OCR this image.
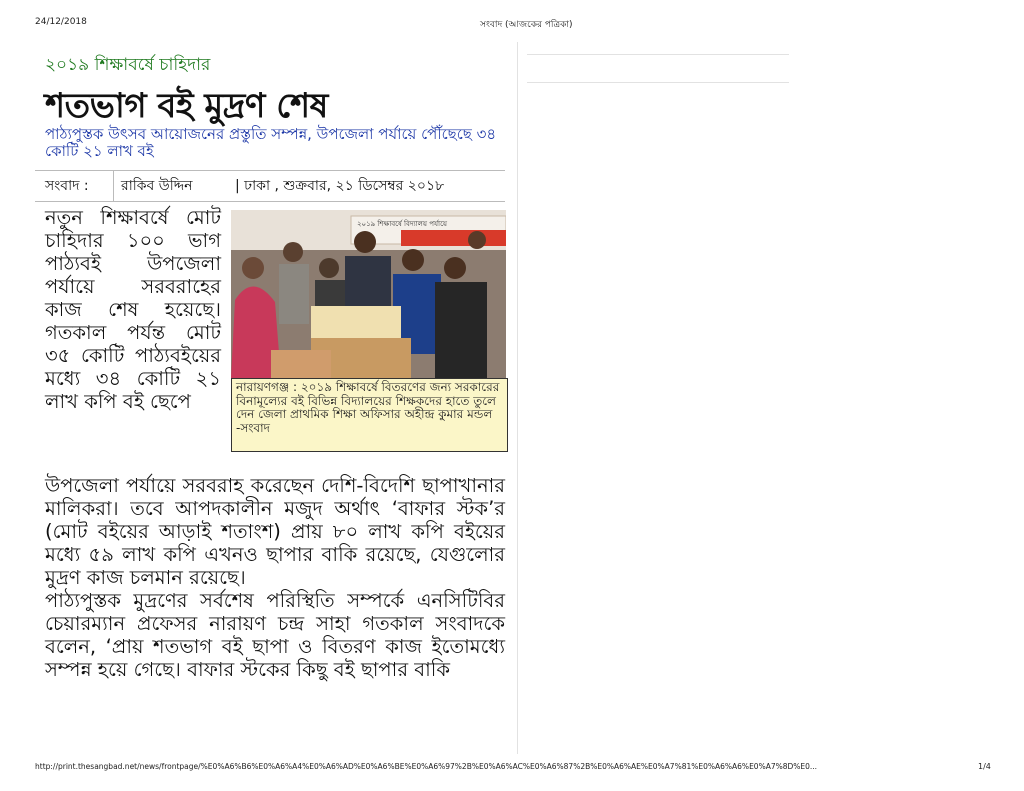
24/12/2018	সংবাদ (আজকের পত্রিকা)
২০১৯ শিক্ষাবর্ষে চাহিদার
শতভাগ বই মুদ্রণ শেষ
পাঠ্যপুস্তক উৎসব আয়োজনের প্রস্তুতি সম্পন্ন, উপজেলা পর্যায়ে পৌঁছেছে ৩৪ কোটি ২১ লাখ বই
সংবাদ : রাকিব উদ্দিন	| ঢাকা , শুক্রবার, ২১ ডিসেম্বর ২০১৮

নতুন শিক্ষাবর্ষে মোট চাহিদার ১০০ ভাগ পাঠ্যবই উপজেলা পর্যায়ে সরবরাহের কাজ শেষ হয়েছে। গতকাল পর্যন্ত মোট ৩৫ কোটি পাঠ্যবইয়ের মধ্যে ৩৪ কোটি ২১ লাখ কপি বই ছেপে

২০১৯ শিক্ষাবর্ষে বিদ্যালয় পর্যায়ে
নারায়ণগঞ্জ : ২০১৯ শিক্ষাবর্ষে বিতরণের জন্য সরকারের বিনামূল্যের বই বিভিন্ন বিদ্যালয়ের শিক্ষকদের হাতে তুলে দেন জেলা প্রাথমিক শিক্ষা অফিসার অহীন্দ্র কুমার মন্ডল -সংবাদ

উপজেলা পর্যায়ে সরবরাহ করেছেন দেশি-বিদেশি ছাপাখানার মালিকরা। তবে আপদকালীন মজুদ অর্থাৎ ‘বাফার স্টক’র (মোট বইয়ের আড়াই শতাংশ) প্রায় ৮০ লাখ কপি বইয়ের মধ্যে ৫৯ লাখ কপি এখনও ছাপার বাকি রয়েছে, যেগুলোর মুদ্রণ কাজ চলমান রয়েছে।

পাঠ্যপুস্তক মুদ্রণের সর্বশেষ পরিস্থিতি সম্পর্কে এনসিটিবির চেয়ারম্যান প্রফেসর নারায়ণ চন্দ্র সাহা গতকাল সংবাদকে বলেন, ‘প্রায় শতভাগ বই ছাপা ও বিতরণ কাজ ইতোমধ্যে সম্পন্ন হয়ে গেছে। বাফার স্টকের কিছু বই ছাপার বাকি

http://print.thesangbad.net/news/frontpage/%E0%A6%B6%E0%A6%A4%E0%A6%AD%E0%A6%BE%E0%A6%97%2B%E0%A6%AC%E0%A6%87%2B%E0%A6%AE%E0%A7%81%E0%A6%A6%E0%A7%8D%E0...	1/4
